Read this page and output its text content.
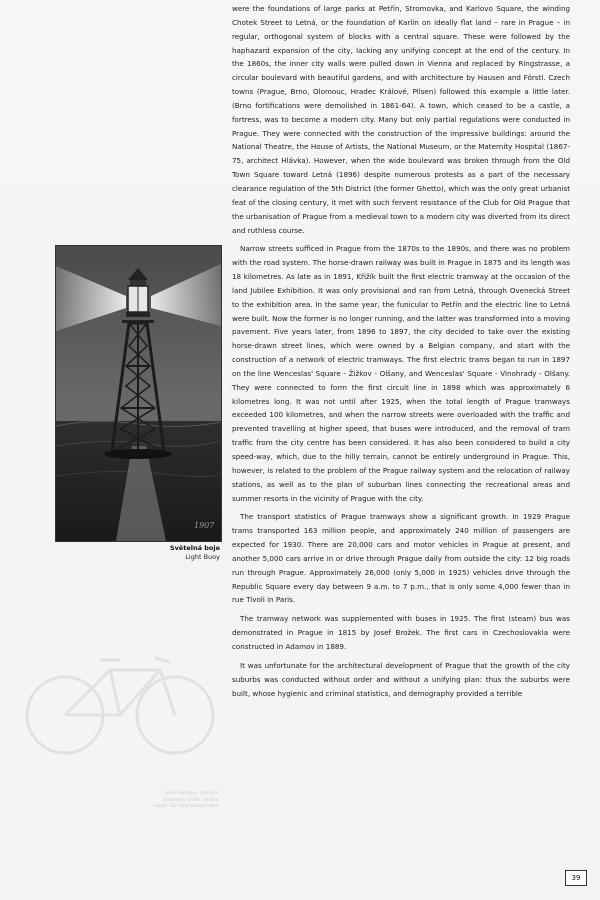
lore a legendou. ničeho a pražskému umění. nejvíce kolem. zač. do pražských okolí
1907
Světelná boje
Light Buoy

were the foundations of large parks at Petřín, Stromovka, and Karlovo Square, the winding Chotek Street to Letná, or the foundation of Karlín on ideally flat land – rare in Prague – in regular, orthogonal system of blocks with a central square. These were followed by the haphazard expansion of the city, lacking any unifying concept at the end of the century. In the 1860s, the inner city walls were pulled down in Vienna and replaced by Ringstrasse, a circular boulevard with beautiful gardens, and with architecture by Hausen and Förstl. Czech towns (Prague, Brno, Olomouc, Hradec Králové, Pilsen) followed this example a little later. (Brno fortifications were demolished in 1861-64). A town, which ceased to be a castle, a fortress, was to become a modern city. Many but only partial regulations were conducted in Prague. They were connected with the construction of the impressive buildings: around the National Theatre, the House of Artists, the National Museum, or the Maternity Hospital (1867-75, architect Hlávka). However, when the wide boulevard was broken through from the Old Town Square toward Letná (1896) despite numerous protests as a part of the necessary clearance regulation of the 5th District (the former Ghetto), which was the only great urbanist feat of the closing century, it met with such fervent resistance of the Club for Old Prague that the urbanisation of Prague from a medieval town to a modern city was diverted from its direct and ruthless course.

Narrow streets sufficed in Prague from the 1870s to the 1890s, and there was no problem with the road system. The horse-drawn railway was built in Prague in 1875 and its length was 18 kilometres. As late as in 1891, Křižík built the first electric tramway at the occasion of the land Jubilee Exhibition. It was only provisional and ran from Letná, through Ovenecká Street to the exhibition area. In the same year, the funicular to Petřín and the electric line to Letná were built. Now the former is no longer running, and the latter was transformed into a moving pavement. Five years later, from 1896 to 1897, the city decided to take over the existing horse-drawn street lines, which were owned by a Belgian company, and start with the construction of a network of electric tramways. The first electric trams began to run in 1897 on the line Wenceslas' Square - Žižkov - Olšany, and Wenceslas' Square - Vinohrady - Olšany. They were connected to form the first circuit line in 1898 which was approximately 6 kilometres long. It was not until after 1925, when the total length of Prague tramways exceeded 100 kilometres, and when the narrow streets were overloaded with the traffic and prevented travelling at higher speed, that buses were introduced, and the removal of tram traffic from the city centre has been considered. It has also been considered to build a city speed-way, which, due to the hilly terrain, cannot be entirely underground in Prague. This, however, is related to the problem of the Prague railway system and the relocation of railway stations, as well as to the plan of suburban lines connecting the recreational areas and summer resorts in the vicinity of Prague with the city.

The transport statistics of Prague tramways show a significant growth. In 1929 Prague trams transported 163 million people, and approximately 240 million of passengers are expected for 1930. There are 20,000 cars and motor vehicles in Prague at present, and another 5,000 cars arrive in or drive through Prague daily from outside the city: 12 big roads run through Prague. Approximately 26,000 (only 5,000 in 1925) vehicles drive through the Republic Square every day between 9 a.m. to 7 p.m., that is only some 4,000 fewer than in rue Tivoli in Paris.

The tramway network was supplemented with buses in 1925. The first (steam) bus was demonstrated in Prague in 1815 by Josef Brožek. The first cars in Czechoslovakia were constructed in Adamov in 1889.

It was unfortunate for the architectural development of Prague that the growth of the city suburbs was conducted without order and without a unifying plan: thus the suburbs were built, whose hygienic and criminal statistics, and demography provided a terrible

39
